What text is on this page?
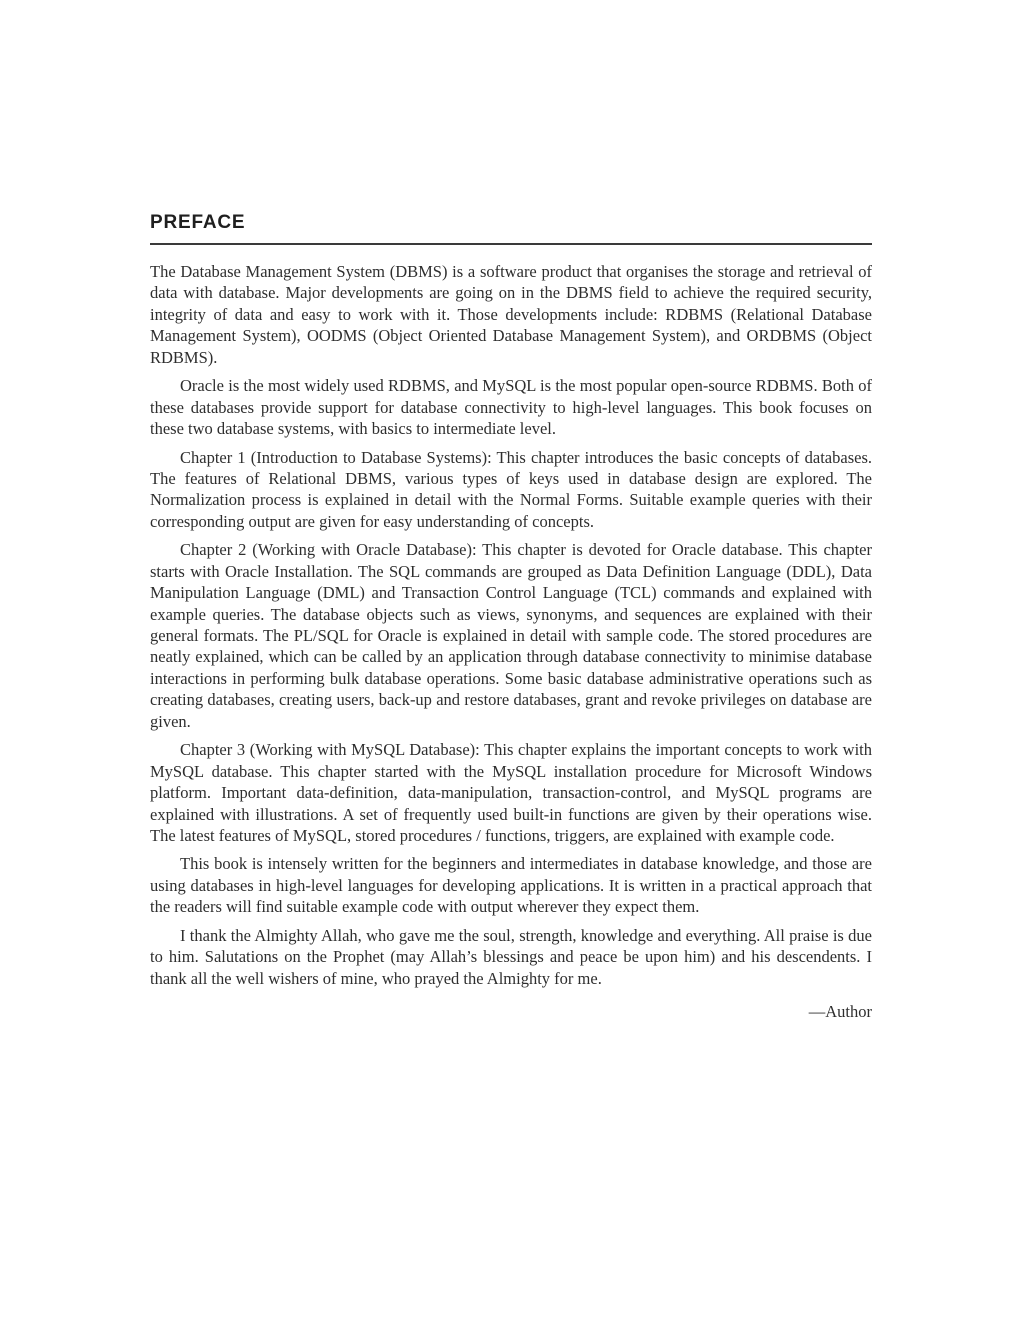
PREFACE

The Database Management System (DBMS) is a software product that organises the storage and retrieval of data with database. Major developments are going on in the DBMS field to achieve the required security, integrity of data and easy to work with it. Those developments include: RDBMS (Relational Database Management System), OODMS (Object Oriented Database Management System), and ORDBMS (Object RDBMS).

Oracle is the most widely used RDBMS, and MySQL is the most popular open-source RDBMS. Both of these databases provide support for database connectivity to high-level languages. This book focuses on these two database systems, with basics to intermediate level.

Chapter 1 (Introduction to Database Systems): This chapter introduces the basic concepts of databases. The features of Relational DBMS, various types of keys used in database design are explored. The Normalization process is explained in detail with the Normal Forms. Suitable example queries with their corresponding output are given for easy understanding of concepts.

Chapter 2 (Working with Oracle Database): This chapter is devoted for Oracle database. This chapter starts with Oracle Installation. The SQL commands are grouped as Data Definition Language (DDL), Data Manipulation Language (DML) and Transaction Control Language (TCL) commands and explained with example queries. The database objects such as views, synonyms, and sequences are explained with their general formats. The PL/SQL for Oracle is explained in detail with sample code. The stored procedures are neatly explained, which can be called by an application through database connectivity to minimise database interactions in performing bulk database operations. Some basic database administrative operations such as creating databases, creating users, back-up and restore databases, grant and revoke privileges on database are given.

Chapter 3 (Working with MySQL Database): This chapter explains the important concepts to work with MySQL database. This chapter started with the MySQL installation procedure for Microsoft Windows platform. Important data-definition, data-manipulation, transaction-control, and MySQL programs are explained with illustrations. A set of frequently used built-in functions are given by their operations wise. The latest features of MySQL, stored procedures / functions, triggers, are explained with example code.

This book is intensely written for the beginners and intermediates in database knowledge, and those are using databases in high-level languages for developing applications. It is written in a practical approach that the readers will find suitable example code with output wherever they expect them.

I thank the Almighty Allah, who gave me the soul, strength, knowledge and everything. All praise is due to him. Salutations on the Prophet (may Allah’s blessings and peace be upon him) and his descendents. I thank all the well wishers of mine, who prayed the Almighty for me.

—Author
